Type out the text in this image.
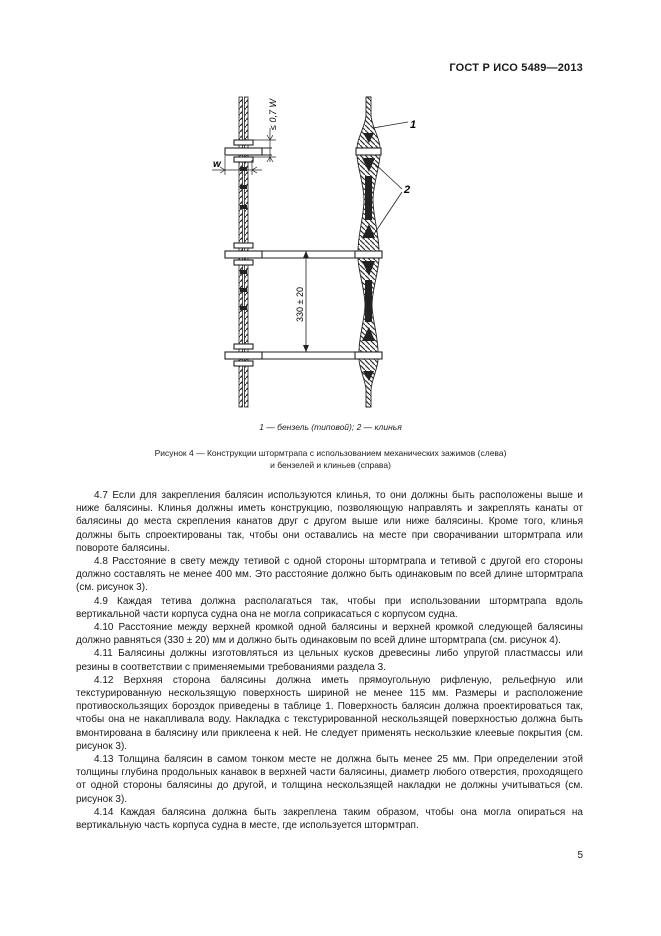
ГОСТ Р ИСО 5489—2013
≤ 0,7 W
w
330 ± 20
1
2
1 — бензель (типовой); 2 — клинья
Рисунок 4 — Конструкции штормтрапа с использованием механических зажимов (слева)
и бензелей и клиньев (справа)

4.7 Если для закрепления балясин используются клинья, то они должны быть расположены выше и ниже балясины. Клинья должны иметь конструкцию, позволяющую направлять и закреплять канаты от балясины до места скрепления канатов друг с другом выше или ниже балясины. Кроме того, клинья должны быть спроектированы так, чтобы они оставались на месте при сворачивании штормтрапа или повороте балясины.

4.8 Расстояние в свету между тетивой с одной стороны штормтрапа и тетивой с другой его стороны должно составлять не менее 400 мм. Это расстояние должно быть одинаковым по всей длине штормтрапа (см. рисунок 3).

4.9 Каждая тетива должна располагаться так, чтобы при использовании штормтрапа вдоль вертикальной части корпуса судна она не могла соприкасаться с корпусом судна.

4.10 Расстояние между верхней кромкой одной балясины и верхней кромкой следующей балясины должно равняться (330 ± 20) мм и должно быть одинаковым по всей длине штормтрапа (см. рисунок 4).

4.11 Балясины должны изготовляться из цельных кусков древесины либо упругой пластмассы или резины в соответствии с применяемыми требованиями раздела 3.

4.12 Верхняя сторона балясины должна иметь прямоугольную рифленую, рельефную или текстурированную нескользящую поверхность шириной не менее 115 мм. Размеры и расположение противоскользящих бороздок приведены в таблице 1. Поверхность балясин должна проектироваться так, чтобы она не накапливала воду. Накладка с текстурированной нескользящей поверхностью должна быть вмонтирована в балясину или приклеена к ней. Не следует применять нескользкие клеевые покрытия (см. рисунок 3).

4.13 Толщина балясин в самом тонком месте не должна быть менее 25 мм. При определении этой толщины глубина продольных канавок в верхней части балясины, диаметр любого отверстия, проходящего от одной стороны балясины до другой, и толщина нескользящей накладки не должны учитываться (см. рисунок 3).

4.14 Каждая балясина должна быть закреплена таким образом, чтобы она могла опираться на вертикальную часть корпуса судна в месте, где используется штормтрап.

5
